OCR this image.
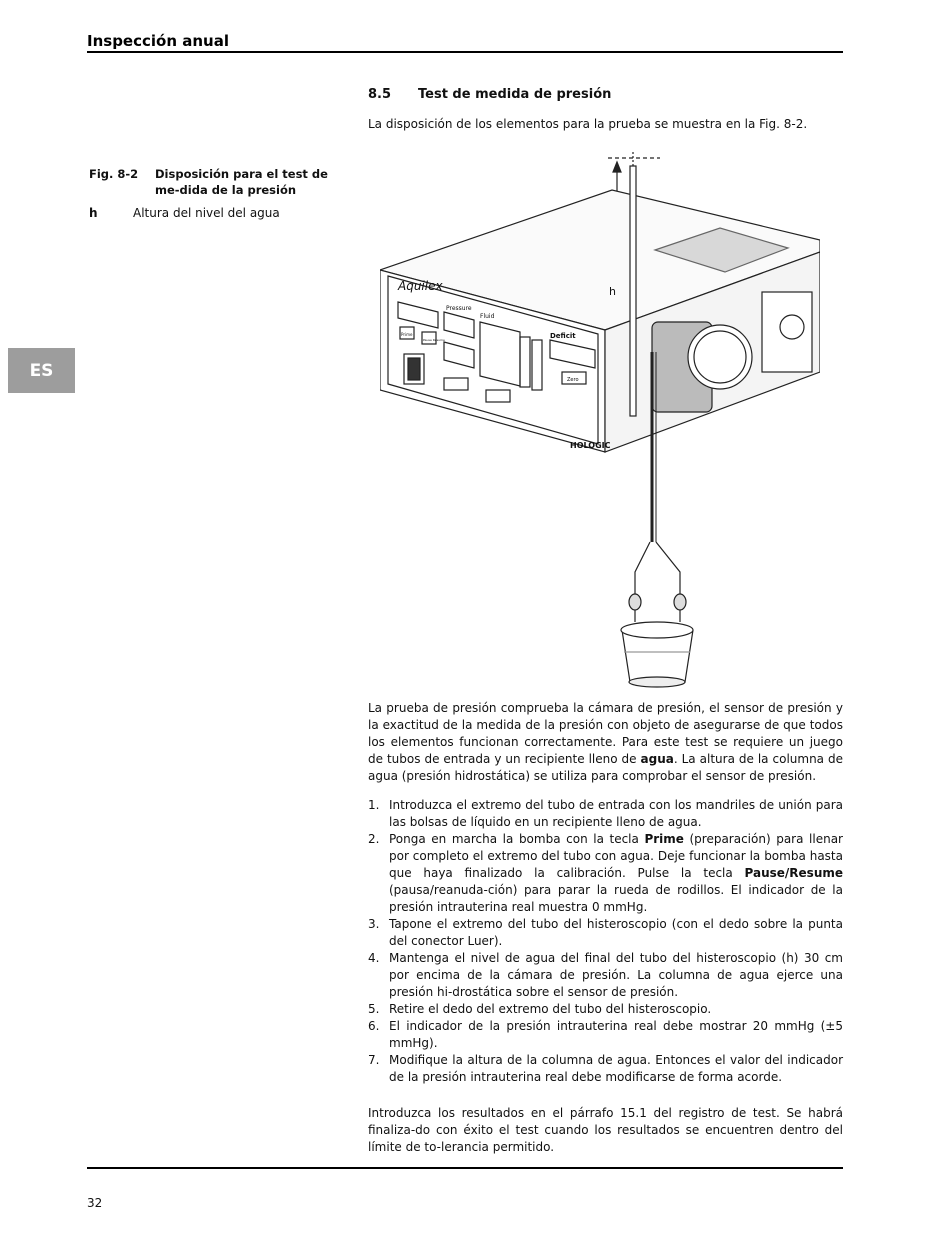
Inspección anual
ES
8.5 Test de medida de presión
La disposición de los elementos para la prueba se muestra en la Fig. 8-2.
Fig. 8-2	Disposición para el test de me-dida de la presión
h	Altura del nivel del agua
h
Aquilex
HOLOGIC
Pressure
Fluid
Deficit
Prime
Pause Resume
Zero
La prueba de presión comprueba la cámara de presión, el sensor de presión y la exactitud de la medida de la presión con objeto de asegurarse de que todos los elementos funcionan correctamente. Para este test se requiere un juego de tubos de entrada y un recipiente lleno de agua. La altura de la columna de agua (presión hidrostática) se utiliza para comprobar el sensor de presión.
1. Introduzca el extremo del tubo de entrada con los mandriles de unión para las bolsas de líquido en un recipiente lleno de agua.
2. Ponga en marcha la bomba con la tecla Prime (preparación) para llenar por completo el extremo del tubo con agua. Deje funcionar la bomba hasta que haya finalizado la calibración. Pulse la tecla Pause/Resume (pausa/reanuda-ción) para parar la rueda de rodillos. El indicador de la presión intrauterina real muestra 0 mmHg.
3. Tapone el extremo del tubo del histeroscopio (con el dedo sobre la punta del conector Luer).
4. Mantenga el nivel de agua del final del tubo del histeroscopio (h) 30 cm por encima de la cámara de presión. La columna de agua ejerce una presión hi-drostática sobre el sensor de presión.
5. Retire el dedo del extremo del tubo del histeroscopio.
6. El indicador de la presión intrauterina real debe mostrar 20 mmHg (±5 mmHg).
7. Modifique la altura de la columna de agua. Entonces el valor del indicador de la presión intrauterina real debe modificarse de forma acorde.
Introduzca los resultados en el párrafo 15.1 del registro de test. Se habrá finaliza-do con éxito el test cuando los resultados se encuentren dentro del límite de to-lerancia permitido.
32
